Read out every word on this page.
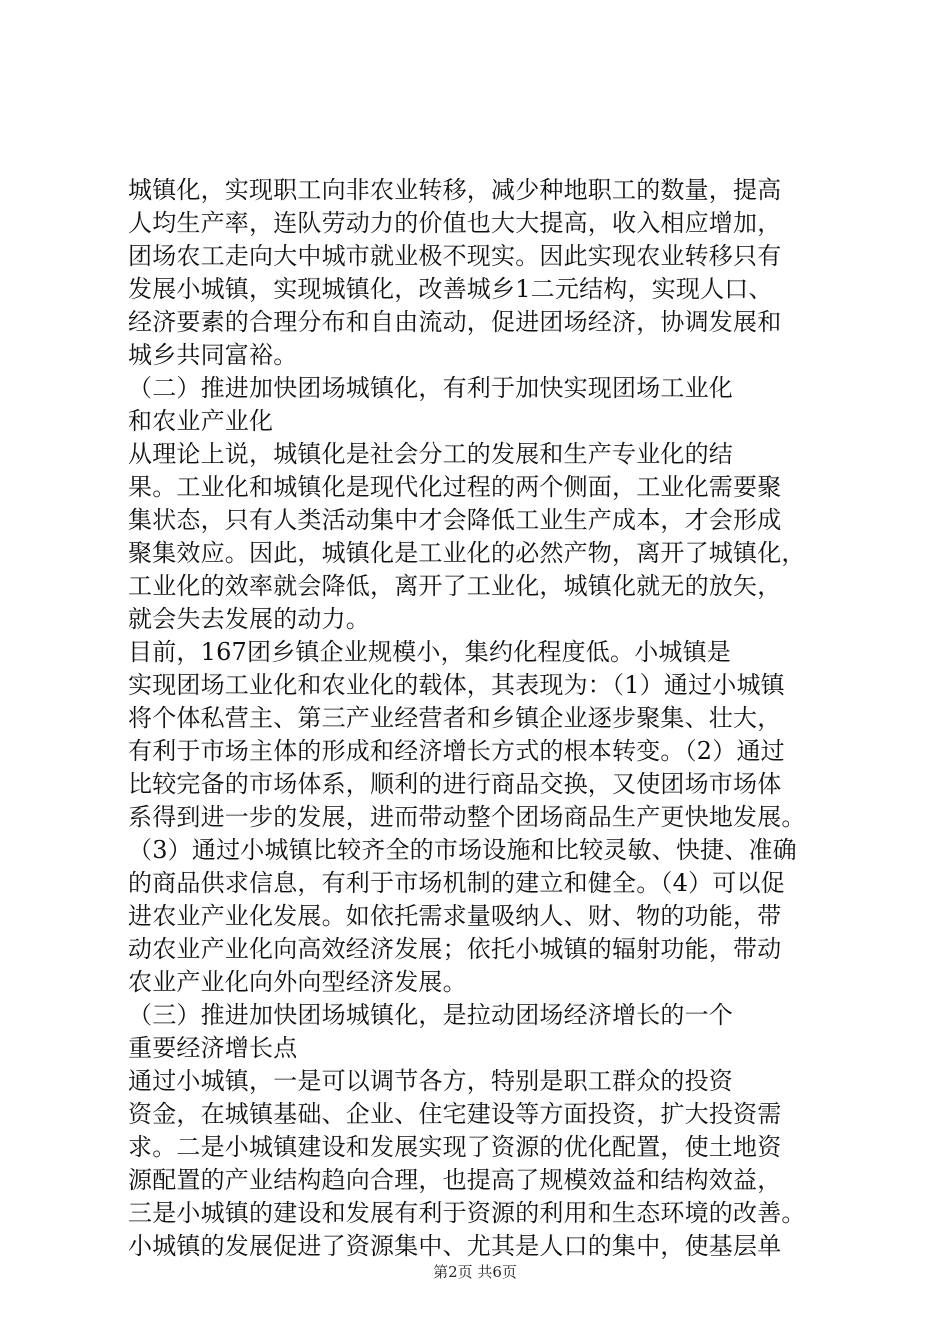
城镇化，实现职工向非农业转移，减少种地职工的数量，提高
人均生产率，连队劳动力的价值也大大提高，收入相应增加，
团场农工走向大中城市就业极不现实。因此实现农业转移只有
发展小城镇，实现城镇化，改善城乡1二元结构，实现人口、
经济要素的合理分布和自由流动，促进团场经济，协调发展和
城乡共同富裕。
（二）推进加快团场城镇化，有利于加快实现团场工业化
和农业产业化
从理论上说，城镇化是社会分工的发展和生产专业化的结
果。工业化和城镇化是现代化过程的两个侧面，工业化需要聚
集状态，只有人类活动集中才会降低工业生产成本，才会形成
聚集效应。因此，城镇化是工业化的必然产物，离开了城镇化，
工业化的效率就会降低，离开了工业化，城镇化就无的放矢，
就会失去发展的动力。
目前，167团乡镇企业规模小，集约化程度低。小城镇是
实现团场工业化和农业化的载体，其表现为：（1）通过小城镇
将个体私营主、第三产业经营者和乡镇企业逐步聚集、壮大，
有利于市场主体的形成和经济增长方式的根本转变。（2）通过
比较完备的市场体系，顺利的进行商品交换，又使团场市场体
系得到进一步的发展，进而带动整个团场商品生产更快地发展。
（3）通过小城镇比较齐全的市场设施和比较灵敏、快捷、准确
的商品供求信息，有利于市场机制的建立和健全。（4）可以促
进农业产业化发展。如依托需求量吸纳人、财、物的功能，带
动农业产业化向高效经济发展；依托小城镇的辐射功能，带动
农业产业化向外向型经济发展。
（三）推进加快团场城镇化，是拉动团场经济增长的一个
重要经济增长点
通过小城镇，一是可以调节各方，特别是职工群众的投资
资金，在城镇基础、企业、住宅建设等方面投资，扩大投资需
求。二是小城镇建设和发展实现了资源的优化配置，使土地资
源配置的产业结构趋向合理，也提高了规模效益和结构效益，
三是小城镇的建设和发展有利于资源的利用和生态环境的改善。
小城镇的发展促进了资源集中、尤其是人口的集中，使基层单
第2页 共6页
